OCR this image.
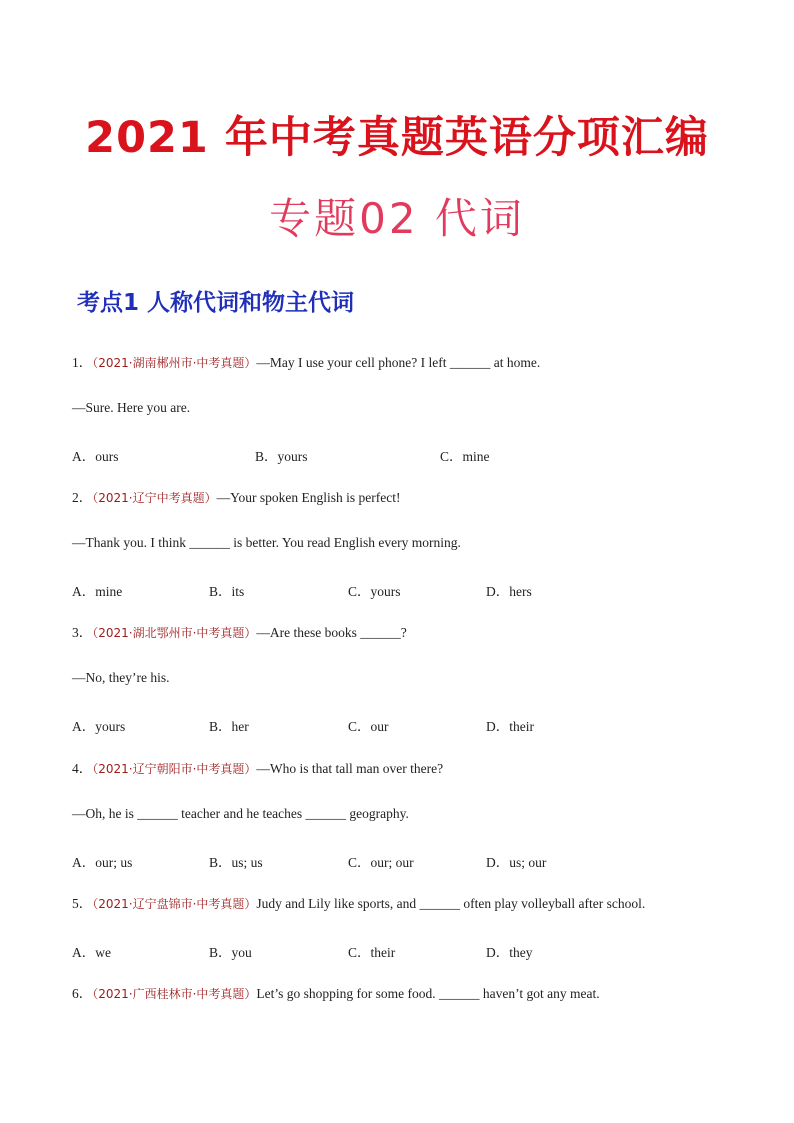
2021 年中考真题英语分项汇编
专题02 代词
考点1 人称代词和物主代词
1．（2021·湖南郴州市·中考真题）—May I use your cell phone? I left ______ at home.
—Sure. Here you are.
A．ours	B．yours	C．mine
2．（2021·辽宁中考真题）—Your spoken English is perfect!
—Thank you. I think ______ is better. You read English every morning.
A．mine	B．its	C．yours	D．hers
3．（2021·湖北鄂州市·中考真题）—Are these books ______?
—No, they’re his.
A．yours	B．her	C．our	D．their
4．（2021·辽宁朝阳市·中考真题）—Who is that tall man over there?
—Oh, he is ______ teacher and he teaches ______ geography.
A．our; us	B．us; us	C．our; our	D．us; our
5．（2021·辽宁盘锦市·中考真题）Judy and Lily like sports, and ______ often play volleyball after school.
A．we	B．you	C．their	D．they
6．（2021·广西桂林市·中考真题）Let’s go shopping for some food. ______ haven’t got any meat.
